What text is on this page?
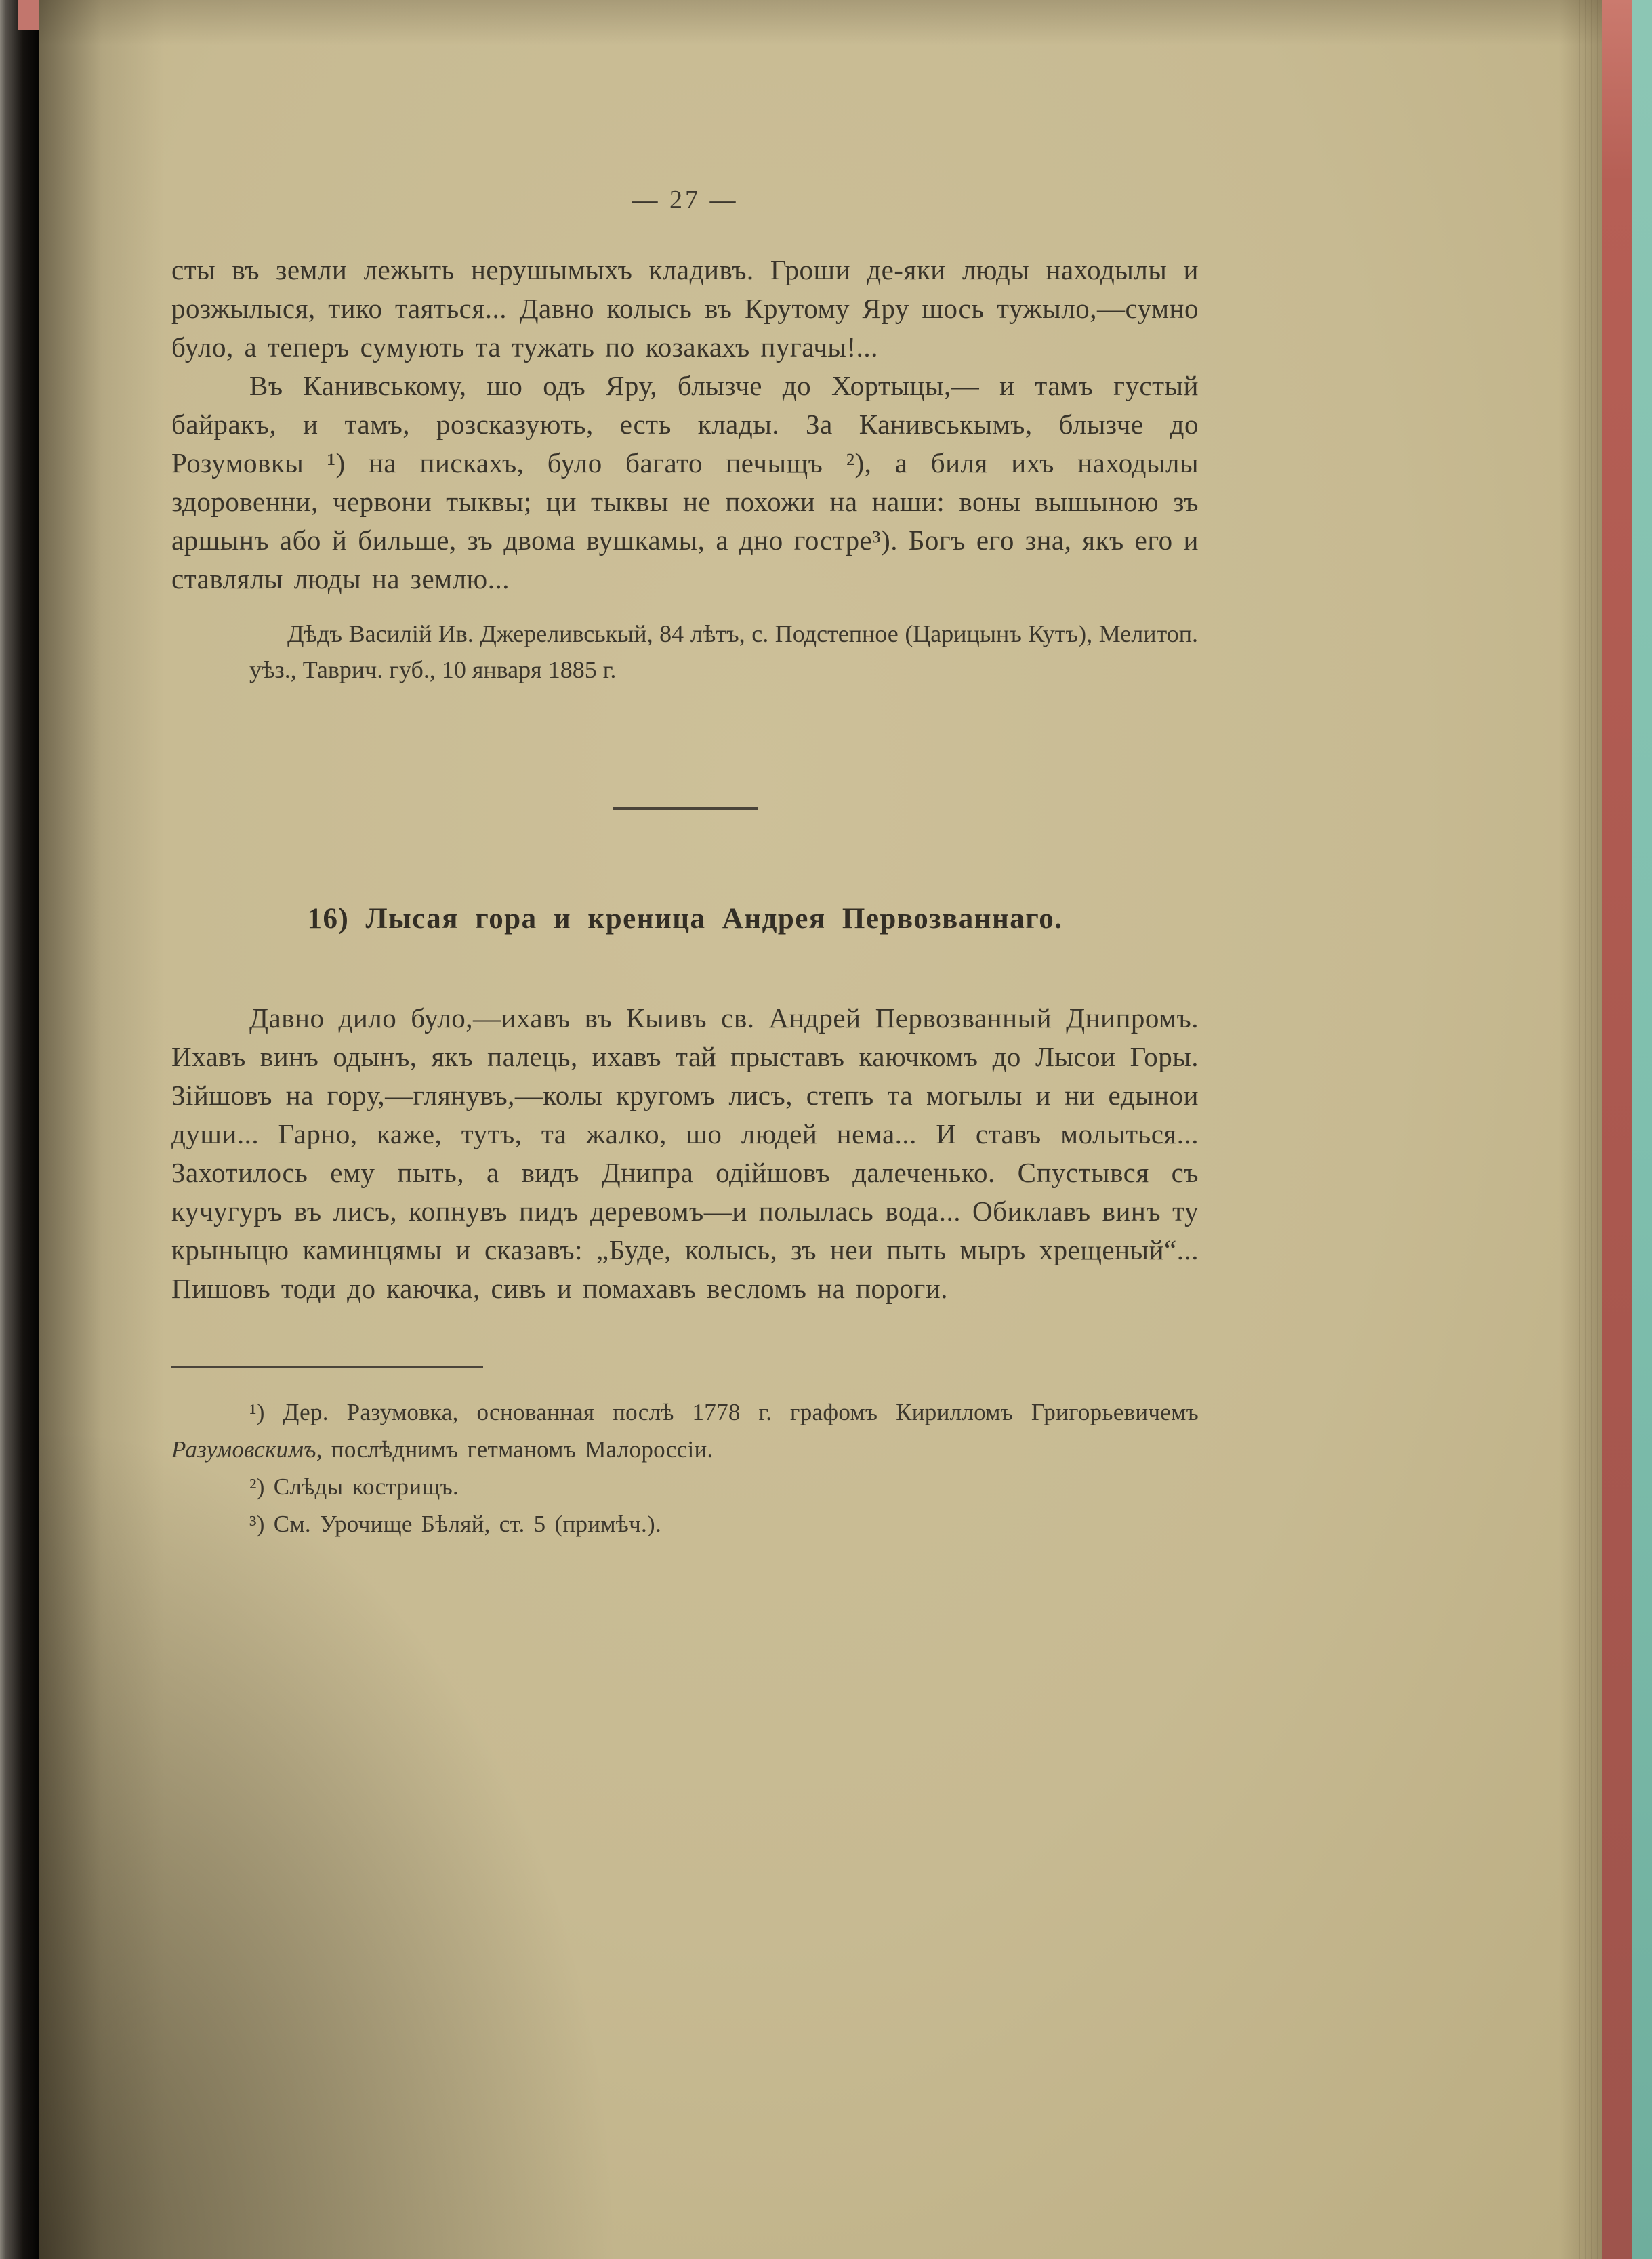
— 27 —

сты въ земли лежыть нерушымыхъ кладивъ. Гроши де-яки люды находылы и розжылыся, тико таяться... Давно колысь въ Крутому Яру шось тужыло,—сумно було, а теперъ сумують та тужать по козакахъ пугачы!...

Въ Канивському, шо одъ Яру, блызче до Хортыцы,— и тамъ густый байракъ, и тамъ, розсказують, есть клады. За Канивськымъ, блызче до Розумовкы ¹) на пискахъ, було багато печыщъ ²), а биля ихъ находылы здоровенни, червони тыквы; ци тыквы не похожи на наши: воны вышыною зъ аршынъ або й бильше, зъ двома вушкамы, а дно гостре³). Богъ его зна, якъ его и ставлялы люды на землю...

Дѣдъ Василій Ив. Джереливськый, 84 лѣтъ, с. Подстепное (Царицынъ Кутъ), Мелитоп. уѣз., Таврич. губ., 10 января 1885 г.
16) Лысая гора и креница Андрея Первозваннаго.

Давно дило було,—ихавъ въ Кыивъ св. Андрей Первозванный Днипромъ. Ихавъ винъ одынъ, якъ палець, ихавъ тай прыставъ каючкомъ до Лысои Горы. Зійшовъ на гору,—глянувъ,—колы кругомъ лисъ, степъ та могылы и ни едынои души... Гарно, каже, тутъ, та жалко, шо людей нема... И ставъ молыться... Захотилось ему пыть, а видъ Днипра одійшовъ далеченько. Спустывся съ кучугуръ въ лисъ, копнувъ пидъ деревомъ—и полылась вода... Обиклавъ винъ ту крыныцю каминцямы и сказавъ: „Буде, колысь, зъ неи пыть мыръ хрещеный“... Пишовъ тоди до каючка, сивъ и помахавъ весломъ на пороги.

¹) Дер. Разумовка, основанная послѣ 1778 г. графомъ Кирилломъ Григорьевичемъ Разумовскимъ, послѣднимъ гетманомъ Малороссіи.

²) Слѣды кострищъ.

³) См. Урочище Бѣляй, ст. 5 (примѣч.).
